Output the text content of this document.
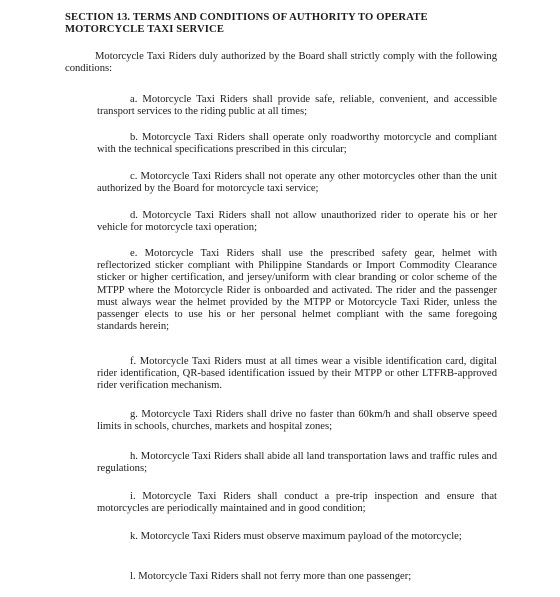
SECTION 13. TERMS AND CONDITIONS OF AUTHORITY TO OPERATE MOTORCYCLE TAXI SERVICE
Motorcycle Taxi Riders duly authorized by the Board shall strictly comply with the following conditions:
a. Motorcycle Taxi Riders shall provide safe, reliable, convenient, and accessible transport services to the riding public at all times;
b. Motorcycle Taxi Riders shall operate only roadworthy motorcycle and compliant with the technical specifications prescribed in this circular;
c. Motorcycle Taxi Riders shall not operate any other motorcycles other than the unit authorized by the Board for motorcycle taxi service;
d. Motorcycle Taxi Riders shall not allow unauthorized rider to operate his or her vehicle for motorcycle taxi operation;
e. Motorcycle Taxi Riders shall use the prescribed safety gear, helmet with reflectorized sticker compliant with Philippine Standards or Import Commodity Clearance sticker or higher certification, and jersey/uniform with clear branding or color scheme of the MTPP where the Motorcycle Rider is onboarded and activated. The rider and the passenger must always wear the helmet provided by the MTPP or Motorcycle Taxi Rider, unless the passenger elects to use his or her personal helmet compliant with the same foregoing standards herein;
f. Motorcycle Taxi Riders must at all times wear a visible identification card, digital rider identification, QR-based identification issued by their MTPP or other LTFRB-approved rider verification mechanism.
g. Motorcycle Taxi Riders shall drive no faster than 60km/h and shall observe speed limits in schools, churches, markets and hospital zones;
h. Motorcycle Taxi Riders shall abide all land transportation laws and traffic rules and regulations;
i. Motorcycle Taxi Riders shall conduct a pre-trip inspection and ensure that motorcycles are periodically maintained and in good condition;
k. Motorcycle Taxi Riders must observe maximum payload of the motorcycle;
l. Motorcycle Taxi Riders shall not ferry more than one passenger;
